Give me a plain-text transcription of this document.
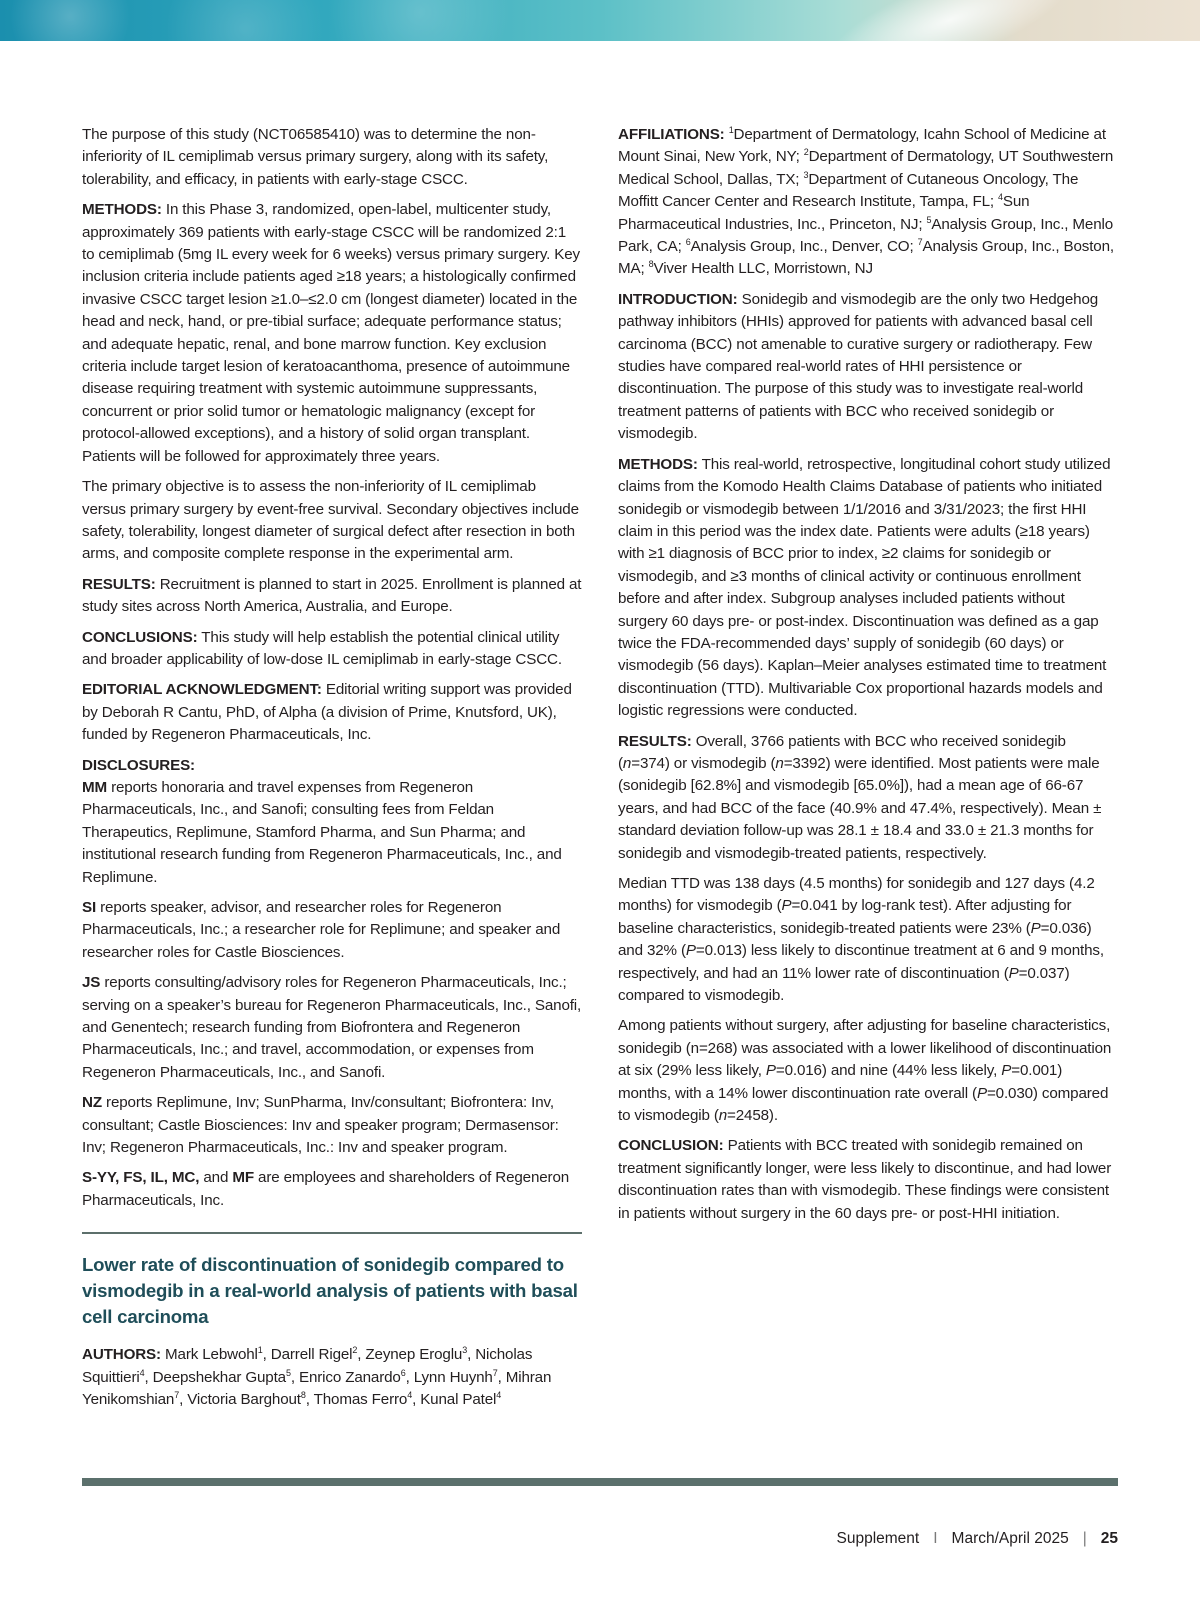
The purpose of this study (NCT06585410) was to determine the non-inferiority of IL cemiplimab versus primary surgery, along with its safety, tolerability, and efficacy, in patients with early-stage CSCC.

METHODS: In this Phase 3, randomized, open-label, multicenter study, approximately 369 patients with early-stage CSCC will be randomized 2:1 to cemiplimab (5mg IL every week for 6 weeks) versus primary surgery. Key inclusion criteria include patients aged ≥18 years; a histologically confirmed invasive CSCC target lesion ≥1.0–≤2.0 cm (longest diameter) located in the head and neck, hand, or pre-tibial surface; adequate performance status; and adequate hepatic, renal, and bone marrow function. Key exclusion criteria include target lesion of keratoacanthoma, presence of autoimmune disease requiring treatment with systemic autoimmune suppressants, concurrent or prior solid tumor or hematologic malignancy (except for protocol-allowed exceptions), and a history of solid organ transplant. Patients will be followed for approximately three years.

The primary objective is to assess the non-inferiority of IL cemiplimab versus primary surgery by event-free survival. Secondary objectives include safety, tolerability, longest diameter of surgical defect after resection in both arms, and composite complete response in the experimental arm.

RESULTS: Recruitment is planned to start in 2025. Enrollment is planned at study sites across North America, Australia, and Europe.

CONCLUSIONS: This study will help establish the potential clinical utility and broader applicability of low-dose IL cemiplimab in early-stage CSCC.

EDITORIAL ACKNOWLEDGMENT: Editorial writing support was provided by Deborah R Cantu, PhD, of Alpha (a division of Prime, Knutsford, UK), funded by Regeneron Pharmaceuticals, Inc.

DISCLOSURES:

MM reports honoraria and travel expenses from Regeneron Pharmaceuticals, Inc., and Sanofi; consulting fees from Feldan Therapeutics, Replimune, Stamford Pharma, and Sun Pharma; and institutional research funding from Regeneron Pharmaceuticals, Inc., and Replimune.

SI reports speaker, advisor, and researcher roles for Regeneron Pharmaceuticals, Inc.; a researcher role for Replimune; and speaker and researcher roles for Castle Biosciences.

JS reports consulting/advisory roles for Regeneron Pharmaceuticals, Inc.; serving on a speaker’s bureau for Regeneron Pharmaceuticals, Inc., Sanofi, and Genentech; research funding from Biofrontera and Regeneron Pharmaceuticals, Inc.; and travel, accommodation, or expenses from Regeneron Pharmaceuticals, Inc., and Sanofi.

NZ reports Replimune, Inv; SunPharma, Inv/consultant; Biofrontera: Inv, consultant; Castle Biosciences: Inv and speaker program; Dermasensor: Inv; Regeneron Pharmaceuticals, Inc.: Inv and speaker program.

S-YY, FS, IL, MC, and MF are employees and shareholders of Regeneron Pharmaceuticals, Inc.

Lower rate of discontinuation of sonidegib compared to vismodegib in a real-world analysis of patients with basal cell carcinoma

AUTHORS: Mark Lebwohl$^1$, Darrell Rigel$^2$, Zeynep Eroglu$^3$, Nicholas Squittieri$^4$, Deepshekhar Gupta$^5$, Enrico Zanardo$^6$, Lynn Huynh$^7$, Mihran Yenikomshian$^7$, Victoria Barghout$^8$, Thomas Ferro$^4$, Kunal Patel$^4$

AFFILIATIONS: $^1$Department of Dermatology, Icahn School of Medicine at Mount Sinai, New York, NY; $^2$Department of Dermatology, UT Southwestern Medical School, Dallas, TX; $^3$Department of Cutaneous Oncology, The Moffitt Cancer Center and Research Institute, Tampa, FL; $^4$Sun Pharmaceutical Industries, Inc., Princeton, NJ; $^5$Analysis Group, Inc., Menlo Park, CA; $^6$Analysis Group, Inc., Denver, CO; $^7$Analysis Group, Inc., Boston, MA; $^8$Viver Health LLC, Morristown, NJ

INTRODUCTION: Sonidegib and vismodegib are the only two Hedgehog pathway inhibitors (HHIs) approved for patients with advanced basal cell carcinoma (BCC) not amenable to curative surgery or radiotherapy. Few studies have compared real-world rates of HHI persistence or discontinuation. The purpose of this study was to investigate real-world treatment patterns of patients with BCC who received sonidegib or vismodegib.

METHODS: This real-world, retrospective, longitudinal cohort study utilized claims from the Komodo Health Claims Database of patients who initiated sonidegib or vismodegib between 1/1/2016 and 3/31/2023; the first HHI claim in this period was the index date. Patients were adults (≥18 years) with ≥1 diagnosis of BCC prior to index, ≥2 claims for sonidegib or vismodegib, and ≥3 months of clinical activity or continuous enrollment before and after index. Subgroup analyses included patients without surgery 60 days pre- or post-index. Discontinuation was defined as a gap twice the FDA-recommended days’ supply of sonidegib (60 days) or vismodegib (56 days). Kaplan–Meier analyses estimated time to treatment discontinuation (TTD). Multivariable Cox proportional hazards models and logistic regressions were conducted.

RESULTS: Overall, 3766 patients with BCC who received sonidegib (n=374) or vismodegib (n=3392) were identified. Most patients were male (sonidegib [62.8%] and vismodegib [65.0%]), had a mean age of 66-67 years, and had BCC of the face (40.9% and 47.4%, respectively). Mean ± standard deviation follow-up was 28.1 ± 18.4 and 33.0 ± 21.3 months for sonidegib and vismodegib-treated patients, respectively.

Median TTD was 138 days (4.5 months) for sonidegib and 127 days (4.2 months) for vismodegib (P=0.041 by log-rank test). After adjusting for baseline characteristics, sonidegib-treated patients were 23% (P=0.036) and 32% (P=0.013) less likely to discontinue treatment at 6 and 9 months, respectively, and had an 11% lower rate of discontinuation (P=0.037) compared to vismodegib.

Among patients without surgery, after adjusting for baseline characteristics, sonidegib (n=268) was associated with a lower likelihood of discontinuation at six (29% less likely, P=0.016) and nine (44% less likely, P=0.001) months, with a 14% lower discontinuation rate overall (P=0.030) compared to vismodegib (n=2458).

CONCLUSION: Patients with BCC treated with sonidegib remained on treatment significantly longer, were less likely to discontinue, and had lower discontinuation rates than with vismodegib. These findings were consistent in patients without surgery in the 60 days pre- or post-HHI initiation.

Supplement I March/April 2025 | 25
